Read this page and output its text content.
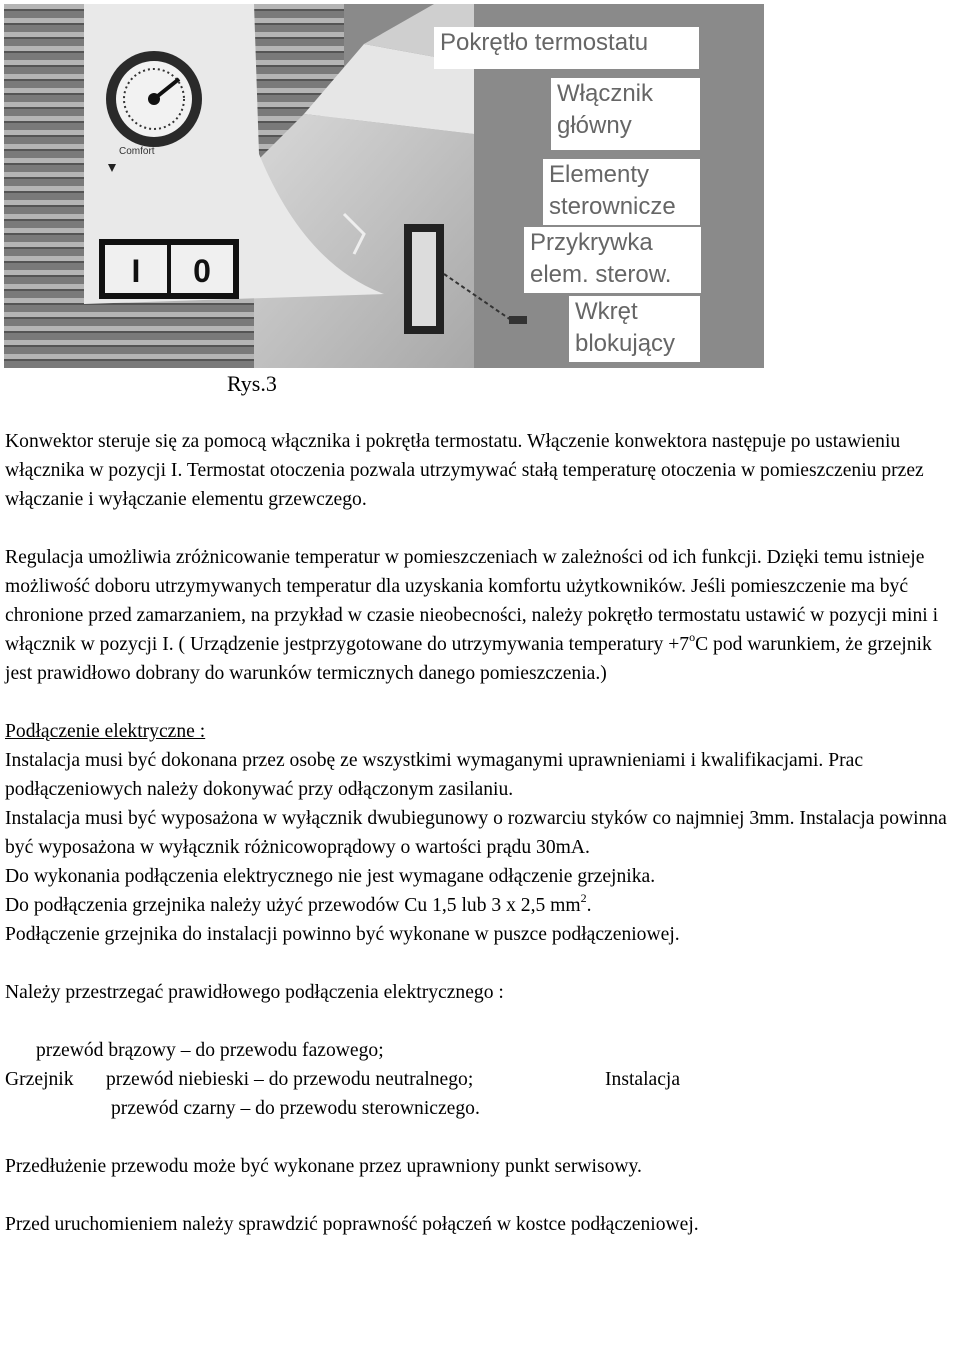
Comfort
I 0
Pokrętło termostatu
Włącznik
główny
Elementy
sterownicze
Przykrywka
elem. sterow.
Wkręt
blokujący
Rys.3

Konwektor steruje się za pomocą włącznika i pokrętła termostatu. Włączenie konwektora następuje po ustawieniu włącznika w pozycji I. Termostat otoczenia pozwala utrzymywać stałą temperaturę otoczenia w pomieszczeniu przez włączanie i wyłączanie elementu grzewczego.

Regulacja umożliwia zróżnicowanie temperatur w pomieszczeniach w zależności od ich funkcji. Dzięki temu istnieje możliwość doboru utrzymywanych temperatur dla uzyskania komfortu użytkowników. Jeśli pomieszczenie ma być chronione przed zamarzaniem, na przykład w czasie nieobecności, należy pokrętło termostatu ustawić w pozycji mini i włącznik w pozycji I. ( Urządzenie jestprzygotowane do utrzymywania temperatury $+7^oC$ pod warunkiem, że grzejnik jest prawidłowo dobrany do warunków termicznych danego pomieszczenia.)

Podłączenie elektryczne :

Instalacja musi być dokonana przez osobę ze wszystkimi wymaganymi uprawnieniami i kwalifikacjami. Prac podłączeniowych należy dokonywać przy odłączonym zasilaniu.

Instalacja musi być wyposażona w wyłącznik dwubiegunowy o rozwarciu styków co najmniej 3mm. Instalacja powinna być wyposażona w wyłącznik różnicowoprądowy o wartości prądu 30mA.

Do wykonania podłączenia elektrycznego nie jest wymagane odłączenie grzejnika.

Do podłączenia grzejnika należy użyć przewodów Cu 1,5 lub 3 x 2,5 $mm^2$.

Podłączenie grzejnika do instalacji powinno być wykonane w puszce podłączeniowej.

Należy przestrzegać prawidłowego podłączenia elektrycznego :

przewód brązowy – do przewodu fazowego;
Grzejnik	przewód niebieski – do przewodu neutralnego;	Instalacja
przewód czarny – do przewodu sterowniczego.

Przedłużenie przewodu może być wykonane przez uprawniony punkt serwisowy.

Przed uruchomieniem należy sprawdzić poprawność połączeń w kostce podłączeniowej.
